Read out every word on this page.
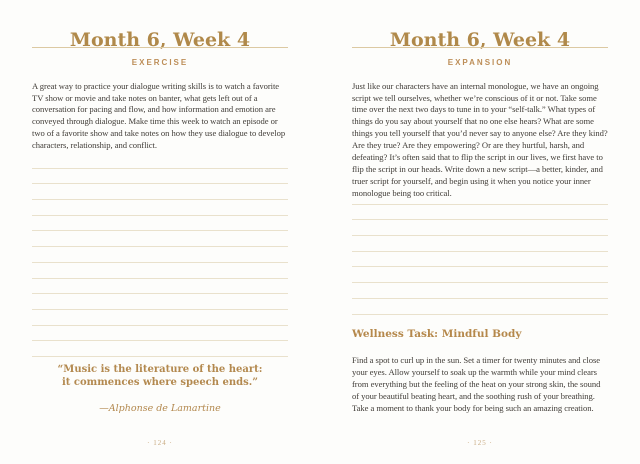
Month 6, Week 4
EXERCISE

A great way to practice your dialogue writing skills is to watch a favorite TV show or movie and take notes on banter, what gets left out of a conversation for pacing and flow, and how information and emotion are conveyed through dialogue. Make time this week to watch an episode or two of a favorite show and take notes on how they use dialogue to develop characters, relationship, and conflict.

“Music is the literature of the heart:
it commences where speech ends.”
—Alphonse de Lamartine
· 124 ·
Month 6, Week 4
EXPANSION

Just like our characters have an internal monologue, we have an ongoing script we tell ourselves, whether we’re conscious of it or not. Take some time over the next two days to tune in to your “self-talk.” What types of things do you say about yourself that no one else hears? What are some things you tell yourself that you’d never say to anyone else? Are they kind? Are they true? Are they empowering? Or are they hurtful, harsh, and defeating? It’s often said that to flip the script in our lives, we first have to flip the script in our heads. Write down a new script—a better, kinder, and truer script for yourself, and begin using it when you notice your inner monologue being too critical.

Wellness Task: Mindful Body

Find a spot to curl up in the sun. Set a timer for twenty minutes and close your eyes. Allow yourself to soak up the warmth while your mind clears from everything but the feeling of the heat on your strong skin, the sound of your beautiful beating heart, and the soothing rush of your breathing. Take a moment to thank your body for being such an amazing creation.

· 125 ·
